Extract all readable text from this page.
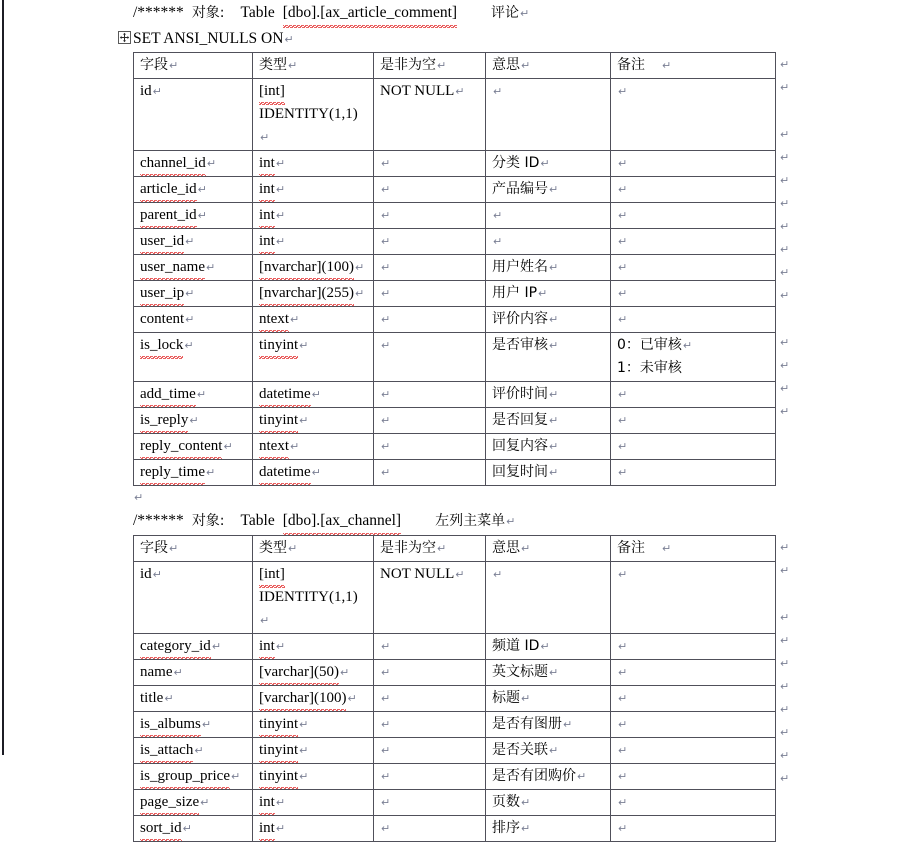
/****** 对象: Table [dbo].[ax_article_comment] 评论↵
SET ANSI_NULLS ON↵
字段↵	类型↵	是非为空↵	意思↵	备注 ↵
id↵	[int]
IDENTITY(1,1)
↵	NOT NULL↵	↵	↵
channel_id↵	int↵	↵	分类 ID↵	↵
article_id↵	int↵	↵	产品编号↵	↵
parent_id↵	int↵	↵	↵	↵
user_id↵	int↵	↵	↵	↵
user_name↵	[nvarchar](100)↵	↵	用户姓名↵	↵
user_ip↵	[nvarchar](255)↵	↵	用户 IP↵	↵
content↵	ntext↵	↵	评价内容↵	↵
is_lock↵	tinyint↵	↵	是否审核↵	0：已审核↵
1：未审核

add_time↵	datetime↵	↵	评价时间↵	↵
is_reply↵	tinyint↵	↵	是否回复↵	↵
reply_content↵	ntext↵	↵	回复内容↵	↵
reply_time↵	datetime↵	↵	回复时间↵	↵
↵
↵
↵
↵
↵
↵
↵
↵
↵
↵
↵
↵
↵
↵
↵
/****** 对象: Table [dbo].[ax_channel] 左列主菜单↵
字段↵	类型↵	是非为空↵	意思↵	备注 ↵
id↵	[int]
IDENTITY(1,1)
↵	NOT NULL↵	↵	↵
category_id↵	int↵	↵	频道 ID↵	↵
name↵	[varchar](50)↵	↵	英文标题↵	↵
title↵	[varchar](100)↵	↵	标题↵	↵
is_albums↵	tinyint↵	↵	是否有图册↵	↵
is_attach↵	tinyint↵	↵	是否关联↵	↵
is_group_price↵	tinyint↵	↵	是否有团购价↵	↵
page_size↵	int↵	↵	页数↵	↵
sort_id↵	int↵	↵	排序↵	↵
↵
↵
↵
↵
↵
↵
↵
↵
↵
↵
